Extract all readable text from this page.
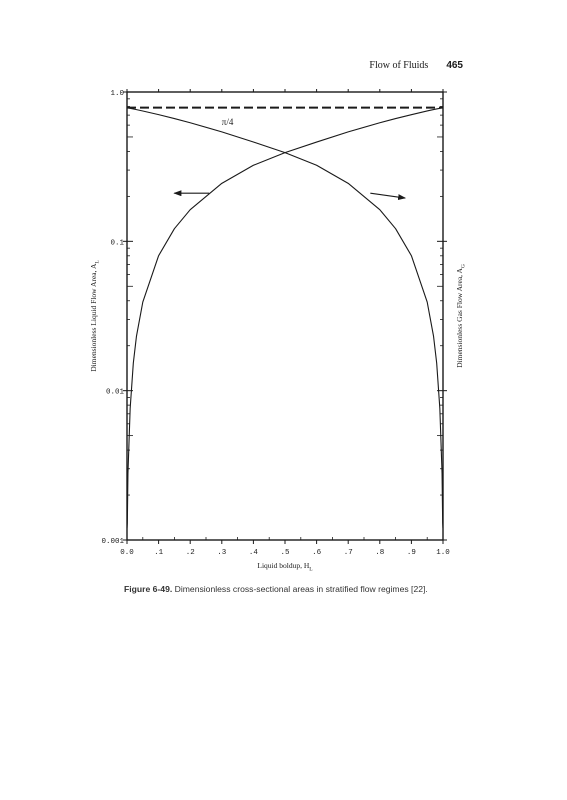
Flow of Fluids 465
1.0
0.1
0.01
0.001
0.0	.1	.2	.3	.4	.5	.6	.7	.8	.9	1.0
π/4
Liquid boldup, $H_L$
Dimensionless Liquid Flow Area, $A_L$
Dimensionless Gas Flow Area, $A_G$
Figure 6-49. Dimensionless cross-sectional areas in stratified flow regimes [22].
